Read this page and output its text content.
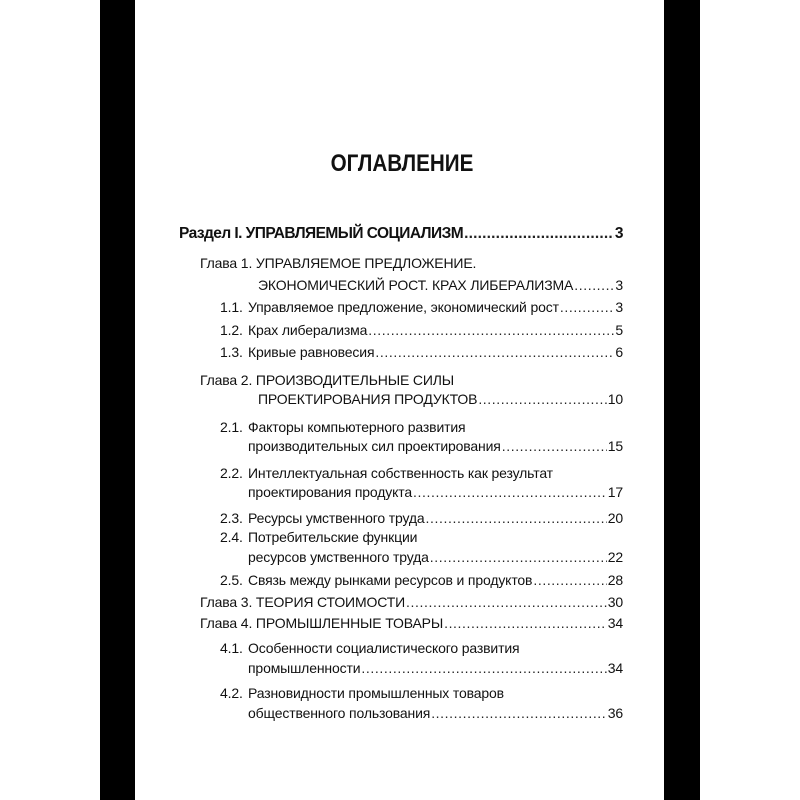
ОГЛАВЛЕНИЕ
Раздел I. УПРАВЛЯЕМЫЙ СОЦИАЛИЗМ .....	3
Глава 1. УПРАВЛЯЕМОЕ ПРЕДЛОЖЕНИЕ.
ЭКОНОМИЧЕСКИЙ РОСТ. КРАХ ЛИБЕРАЛИЗМА .....	3
1.1. Управляемое предложение, экономический рост .....	3
1.2. Крах либерализма .....	5
1.3. Кривые равновесия .....	6
Глава 2. ПРОИЗВОДИТЕЛЬНЫЕ СИЛЫ
ПРОЕКТИРОВАНИЯ ПРОДУКТОВ .....	10
2.1. Факторы компьютерного развития
производительных сил проектирования .....	15
2.2. Интеллектуальная собственность как результат
проектирования продукта .....	17
2.3. Ресурсы умственного труда .....	20
2.4. Потребительские функции
ресурсов умственного труда .....	22
2.5. Связь между рынками ресурсов и продуктов .....	28
Глава 3. ТЕОРИЯ СТОИМОСТИ .....	30
Глава 4. ПРОМЫШЛЕННЫЕ ТОВАРЫ .....	34
4.1. Особенности социалистического развития
промышленности .....	34
4.2. Разновидности промышленных товаров
общественного пользования .....	36
